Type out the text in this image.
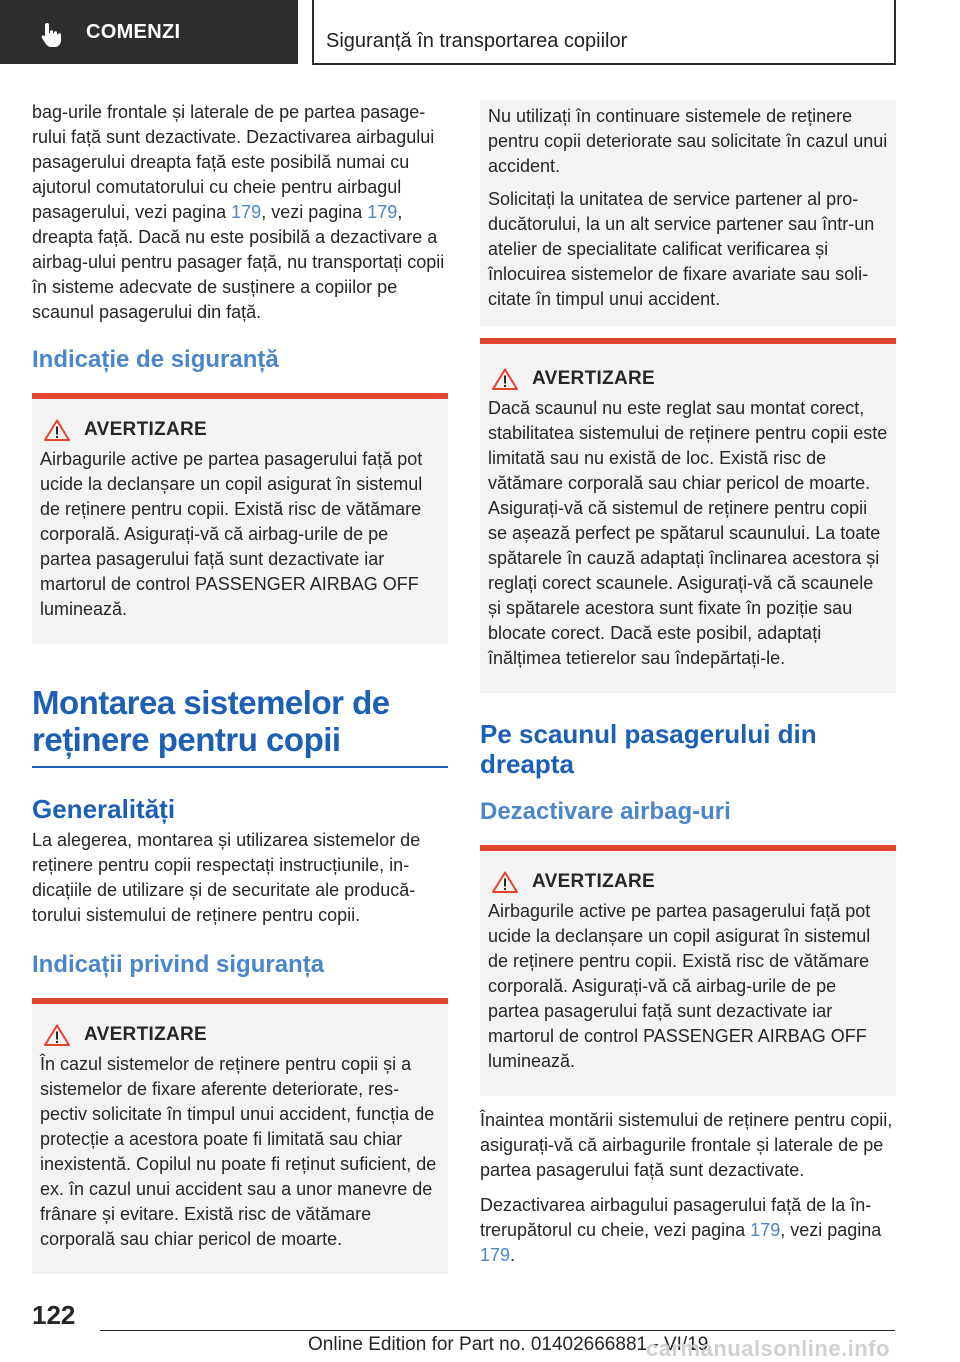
COMENZI	Siguranță în transportarea copiilor

bag-urile frontale și laterale de pe partea pasagerului față sunt dezactivate. Dezactivarea airbagului pasagerului dreapta față este posibilă numai cu ajutorul comutatorului cu cheie pentru airbagul pasagerului, vezi pagina 179, vezi pagina 179, dreapta față. Dacă nu este posibilă a dezactivare a airbag-ului pentru pasager față, nu transportați copii în sisteme adecvate de susținere a copiilor pe scaunul pasagerului din față.

Indicație de siguranță
AVERTIZARE

Airbagurile active pe partea pasagerului față pot ucide la declanșare un copil asigurat în sistemul de reținere pentru copii. Există risc de vătămare corporală. Asigurați-vă că airbag-urile de pe partea pasagerului față sunt dezactivate iar martorul de control PASSENGER AIRBAG OFF luminează.

Montarea sistemelor de reținere pentru copii
Generalități

La alegerea, montarea și utilizarea sistemelor de reținere pentru copii respectați instrucțiunile, indicațiile de utilizare și de securitate ale producătorului sistemului de reținere pentru copii.

Indicații privind siguranța
AVERTIZARE

În cazul sistemelor de reținere pentru copii și a sistemelor de fixare aferente deteriorate, respectiv solicitate în timpul unui accident, funcția de protecție a acestora poate fi limitată sau chiar inexistentă. Copilul nu poate fi reținut suficient, de ex. în cazul unui accident sau a unor manevre de frânare și evitare. Există risc de vătămare corporală sau chiar pericol de moarte.

Nu utilizați în continuare sistemele de reținere pentru copii deteriorate sau solicitate în cazul unui accident.

Solicitați la unitatea de service partener al producătorului, la un alt service partener sau într-un atelier de specialitate calificat verificarea și înlocuirea sistemelor de fixare avariate sau solicitate în timpul unui accident.

AVERTIZARE

Dacă scaunul nu este reglat sau montat corect, stabilitatea sistemului de reținere pentru copii este limitată sau nu există de loc. Există risc de vătămare corporală sau chiar pericol de moarte. Asigurați-vă că sistemul de reținere pentru copii se așează perfect pe spătarul scaunului. La toate spătarele în cauză adaptați înclinarea acestora și reglați corect scaunele. Asigurați-vă că scaunele și spătarele acestora sunt fixate în poziție sau blocate corect. Dacă este posibil, adaptați înălțimea tetierelor sau îndepărtați-le.

Pe scaunul pasagerului din dreapta
Dezactivare airbag-uri
AVERTIZARE

Airbagurile active pe partea pasagerului față pot ucide la declanșare un copil asigurat în sistemul de reținere pentru copii. Există risc de vătămare corporală. Asigurați-vă că airbag-urile de pe partea pasagerului față sunt dezactivate iar martorul de control PASSENGER AIRBAG OFF luminează.

Înaintea montării sistemului de reținere pentru copii, asigurați-vă că airbagurile frontale și laterale de pe partea pasagerului față sunt dezactivate.

Dezactivarea airbagului pasagerului față de la întrerupătorul cu cheie, vezi pagina 179, vezi pagina 179.

122
Online Edition for Part no. 01402666881 - VI/19
carmanualsonline.info
